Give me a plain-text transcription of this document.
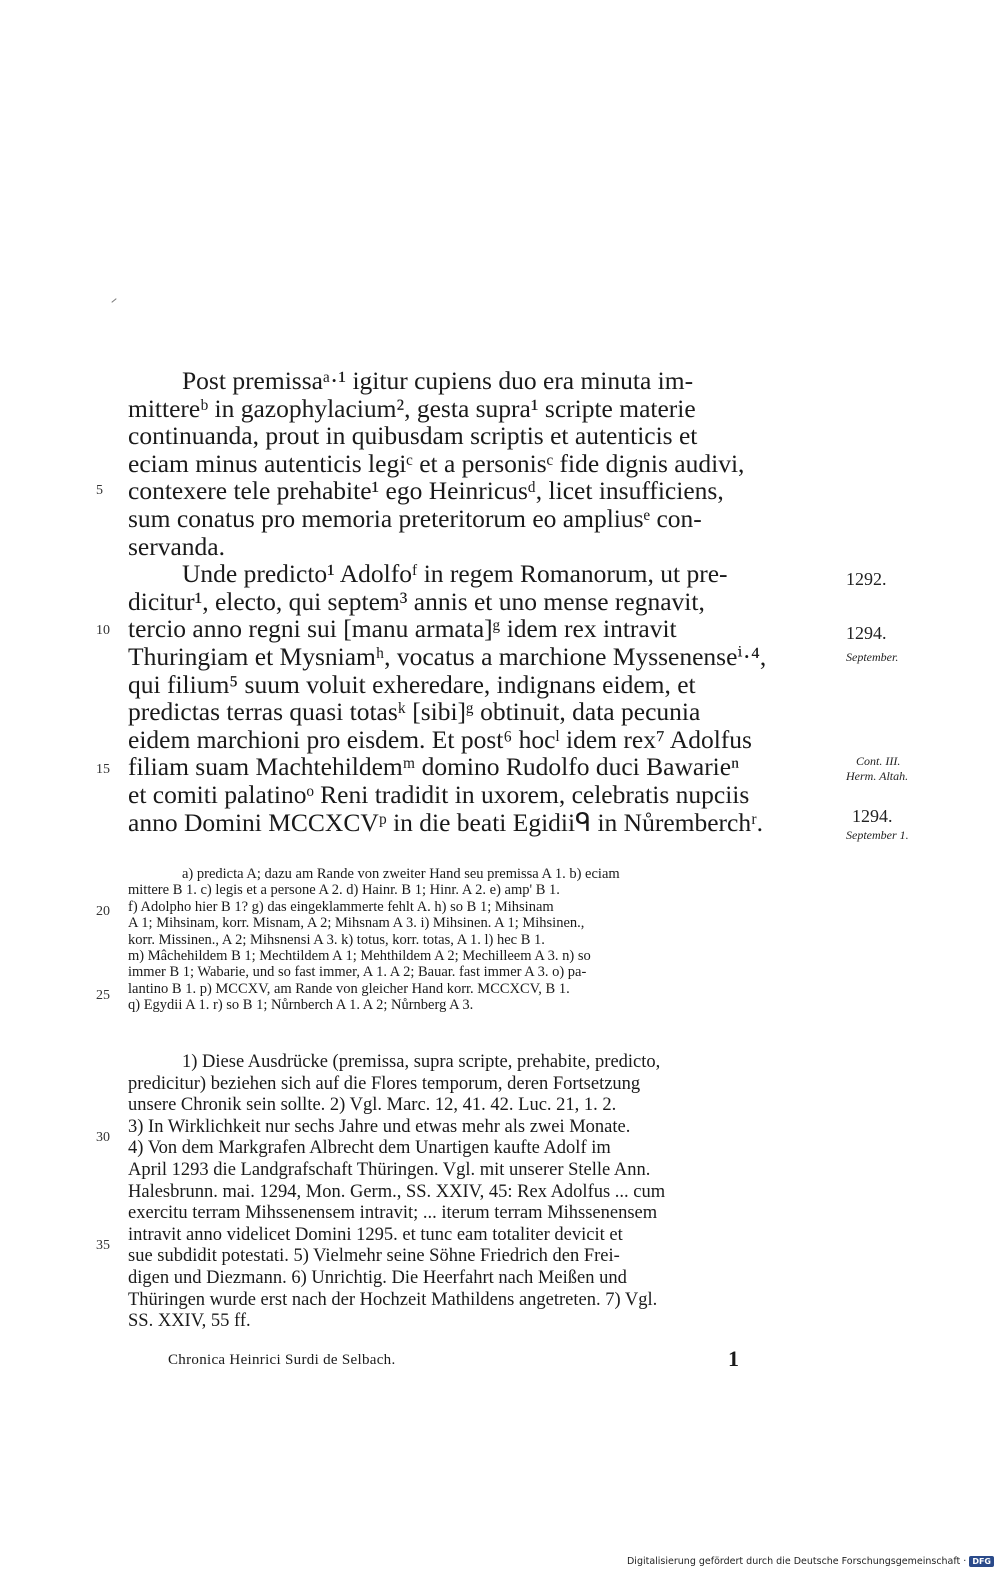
Post premissaᵃ·¹ igitur cupiens duo era minuta im-
mittereᵇ in gazophylacium², gesta supra¹ scripte materie
continuanda, prout in quibusdam scriptis et autenticis et
eciam minus autenticis legiᶜ et a personisᶜ fide dignis audivi,
contexere tele prehabite¹ ego Heinricusᵈ, licet insufficiens,
sum conatus pro memoria preteritorum eo ampliusᵉ con-
servanda.

Unde predicto¹ Adolfoᶠ in regem Romanorum, ut pre-
dicitur¹, electo, qui septem³ annis et uno mense regnavit,
tercio anno regni sui [manu armata]ᵍ idem rex intravit
Thuringiam et Mysniamʰ, vocatus a marchione Myssenenseⁱ·⁴,
qui filium⁵ suum voluit exheredare, indignans eidem, et
predictas terras quasi totasᵏ [sibi]ᵍ obtinuit, data pecunia
eidem marchioni pro eisdem. Et post⁶ hocˡ idem rex⁷ Adolfus
filiam suam Machtehildemᵐ domino Rudolfo duci Bawarieⁿ
et comiti palatinoᵒ Reni tradidit in uxorem, celebratis nupciis
anno Domini MCCXCVᵖ in die beati Egidiiᑫ in Nůremberchʳ.

5
10
15
20
25
30
35
1292.
1294.
September.
Cont. III.
Herm. Altah.
1294.
September 1.
a) predicta A; dazu am Rande von zweiter Hand seu premissa A 1. b) eciam
mittere B 1. c) legis et a persone A 2. d) Hainr. B 1; Hinr. A 2. e) amp' B 1.
f) Adolpho hier B 1? g) das eingeklammerte fehlt A. h) so B 1; Mihsinam
A 1; Mihsinam, korr. Misnam, A 2; Mihsnam A 3. i) Mihsinen. A 1; Mihsinen.,
korr. Missinen., A 2; Mihsnensi A 3. k) totus, korr. totas, A 1. l) hec B 1.
m) Mâchehildem B 1; Mechtildem A 1; Mehthildem A 2; Mechilleem A 3. n) so
immer B 1; Wabarie, und so fast immer, A 1. A 2; Bauar. fast immer A 3. o) pa-
lantino B 1. p) MCCXV, am Rande von gleicher Hand korr. MCCXCV, B 1.
q) Egydii A 1. r) so B 1; Nůrnberch A 1. A 2; Nůrnberg A 3.
1) Diese Ausdrücke (premissa, supra scripte, prehabite, predicto,
predicitur) beziehen sich auf die Flores temporum, deren Fortsetzung
unsere Chronik sein sollte. 2) Vgl. Marc. 12, 41. 42. Luc. 21, 1. 2.
3) In Wirklichkeit nur sechs Jahre und etwas mehr als zwei Monate.
4) Von dem Markgrafen Albrecht dem Unartigen kaufte Adolf im
April 1293 die Landgrafschaft Thüringen. Vgl. mit unserer Stelle Ann.
Halesbrunn. mai. 1294, Mon. Germ., SS. XXIV, 45: Rex Adolfus ... cum
exercitu terram Mihssenensem intravit; ... iterum terram Mihssenensem
intravit anno videlicet Domini 1295. et tunc eam totaliter devicit et
sue subdidit potestati. 5) Vielmehr seine Söhne Friedrich den Frei-
digen und Diezmann. 6) Unrichtig. Die Heerfahrt nach Meißen und
Thüringen wurde erst nach der Hochzeit Mathildens angetreten. 7) Vgl.
SS. XXIV, 55 ff.
Chronica Heinrici Surdi de Selbach.	1
Digitalisierung gefördert durch die Deutsche Forschungsgemeinschaft · DFG
